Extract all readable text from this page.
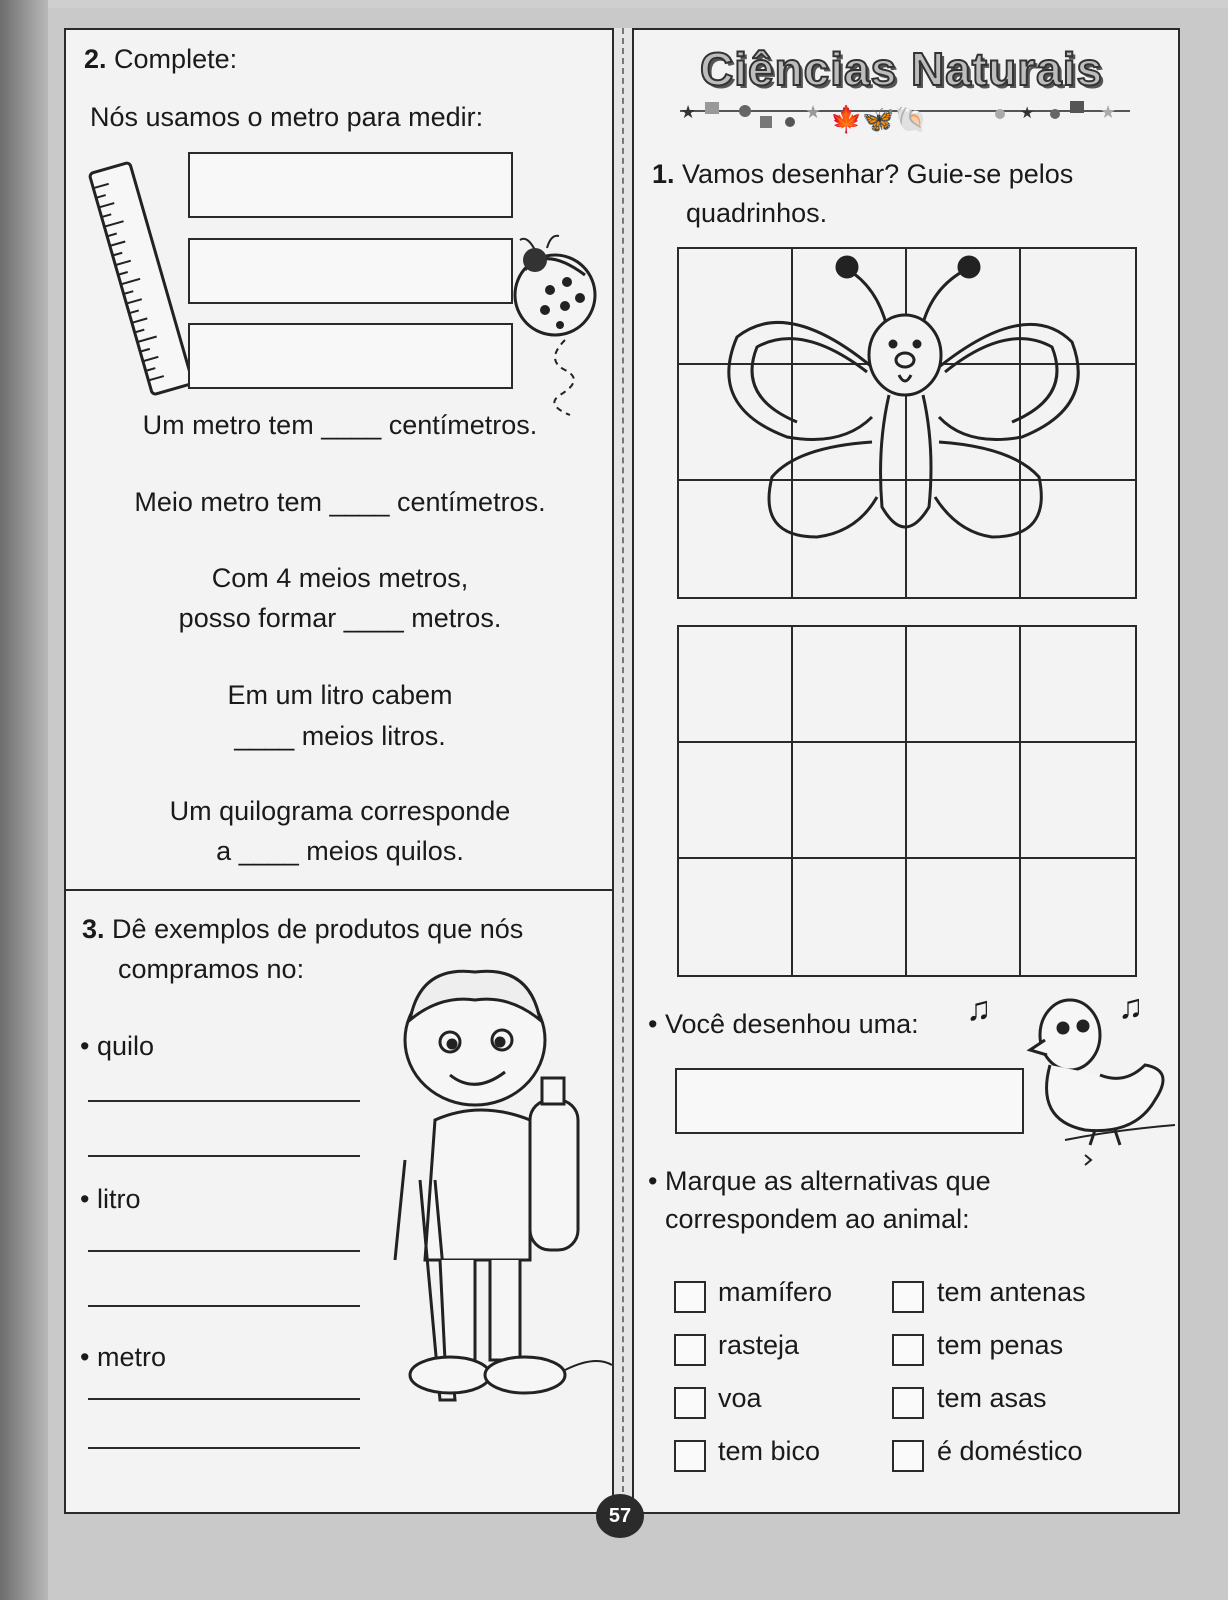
2. Complete:
Nós usamos o metro para medir:
Um metro tem ____ centímetros.
Meio metro tem ____ centímetros.
Com 4 meios metros,
posso formar ____ metros.
Em um litro cabem
____ meios litros.
Um quilograma corresponde
a ____ meios quilos.
3. Dê exemplos de produtos que nós
compramos no:
• quilo
• litro
• metro
Ciências Naturais
★	★ 🍁🦋🐚	★	★
1. Vamos desenhar? Guie-se pelos
quadrinhos.
• Você desenhou uma: ♫	♫
• Marque as alternativas que
correspondem ao animal:
mamífero	tem antenas
rasteja	tem penas
voa	tem asas
tem bico	é doméstico
57
